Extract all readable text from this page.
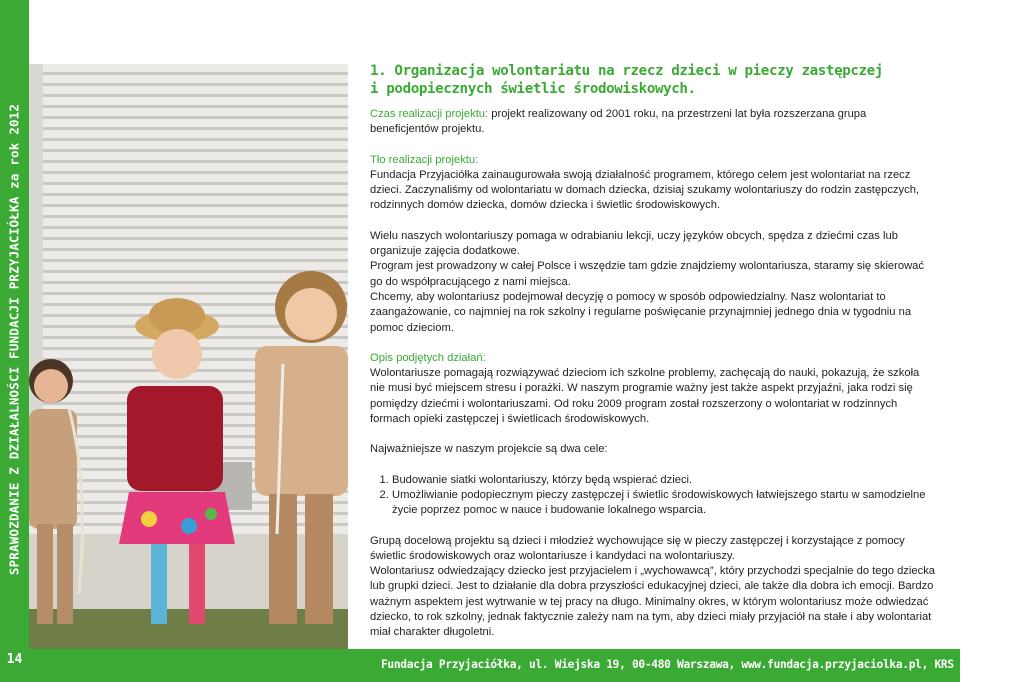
SPRAWOZDANIE Z DZIAŁALNOŚCI FUNDACJI PRZYJACIÓŁKA za rok 2012
14
1. Organizacja wolontariatu na rzecz dzieci w pieczy zastępczej
i podopiecznych świetlic środowiskowych.

Czas realizacji projektu: projekt realizowany od 2001 roku, na przestrzeni lat była rozszerzana grupa beneficjentów projektu.

Tło realizacji projektu:

Fundacja Przyjaciółka zainaugurowała swoją działalność programem, którego celem jest wolontariat na rzecz dzieci. Zaczynaliśmy od wolontariatu w domach dziecka, dzisiaj szukamy wolontariuszy do rodzin zastępczych, rodzinnych domów dziecka, domów dziecka i świetlic środowiskowych.

Wielu naszych wolontariuszy pomaga w odrabianiu lekcji, uczy języków obcych, spędza z dziećmi czas lub organizuje zajęcia dodatkowe.

Program jest prowadzony w całej Polsce i wszędzie tam gdzie znajdziemy wolontariusza, staramy się skierować go do współpracującego z nami miejsca.

Chcemy, aby wolontariusz podejmował decyzję o pomocy w sposób odpowiedzialny. Nasz wolontariat to zaangażowanie, co najmniej na rok szkolny i regularne poświęcanie przynajmniej jednego dnia w tygodniu na pomoc dzieciom.

Opis podjętych działań:

Wolontariusze pomagają rozwiązywać dzieciom ich szkolne problemy, zachęcają do nauki, pokazują, że szkoła nie musi być miejscem stresu i porażki. W naszym programie ważny jest także aspekt przyjaźni, jaka rodzi się pomiędzy dziećmi i wolontariuszami. Od roku 2009 program został rozszerzony o wolontariat w rodzinnych formach opieki zastępczej i świetlicach środowiskowych.

Najważniejsze w naszym projekcie są dwa cele:

1. Budowanie siatki wolontariuszy, którzy będą wspierać dzieci.
2. Umożliwianie podopiecznym pieczy zastępczej i świetlic środowiskowych łatwiejszego startu w samodzielne życie poprzez pomoc w nauce i budowanie lokalnego wsparcia.

Grupą docelową projektu są dzieci i młodzież wychowujące się w pieczy zastępczej i korzystające z pomocy świetlic środowiskowych oraz wolontariusze i kandydaci na wolontariuszy.

Wolontariusz odwiedzający dziecko jest przyjacielem i „wychowawcą”, który przychodzi specjalnie do tego dziecka lub grupki dzieci. Jest to działanie dla dobra przyszłości edukacyjnej dzieci, ale także dla dobra ich emocji. Bardzo ważnym aspektem jest wytrwanie w tej pracy na długo. Minimalny okres, w którym wolontariusz może odwiedzać dziecko, to rok szkolny, jednak faktycznie zależy nam na tym, aby dzieci miały przyjaciół na stałe i aby wolontariat miał charakter długoletni.

Fundacja Przyjaciółka, ul. Wiejska 19, 00-480 Warszawa, www.fundacja.przyjaciolka.pl, KRS 0000074781
